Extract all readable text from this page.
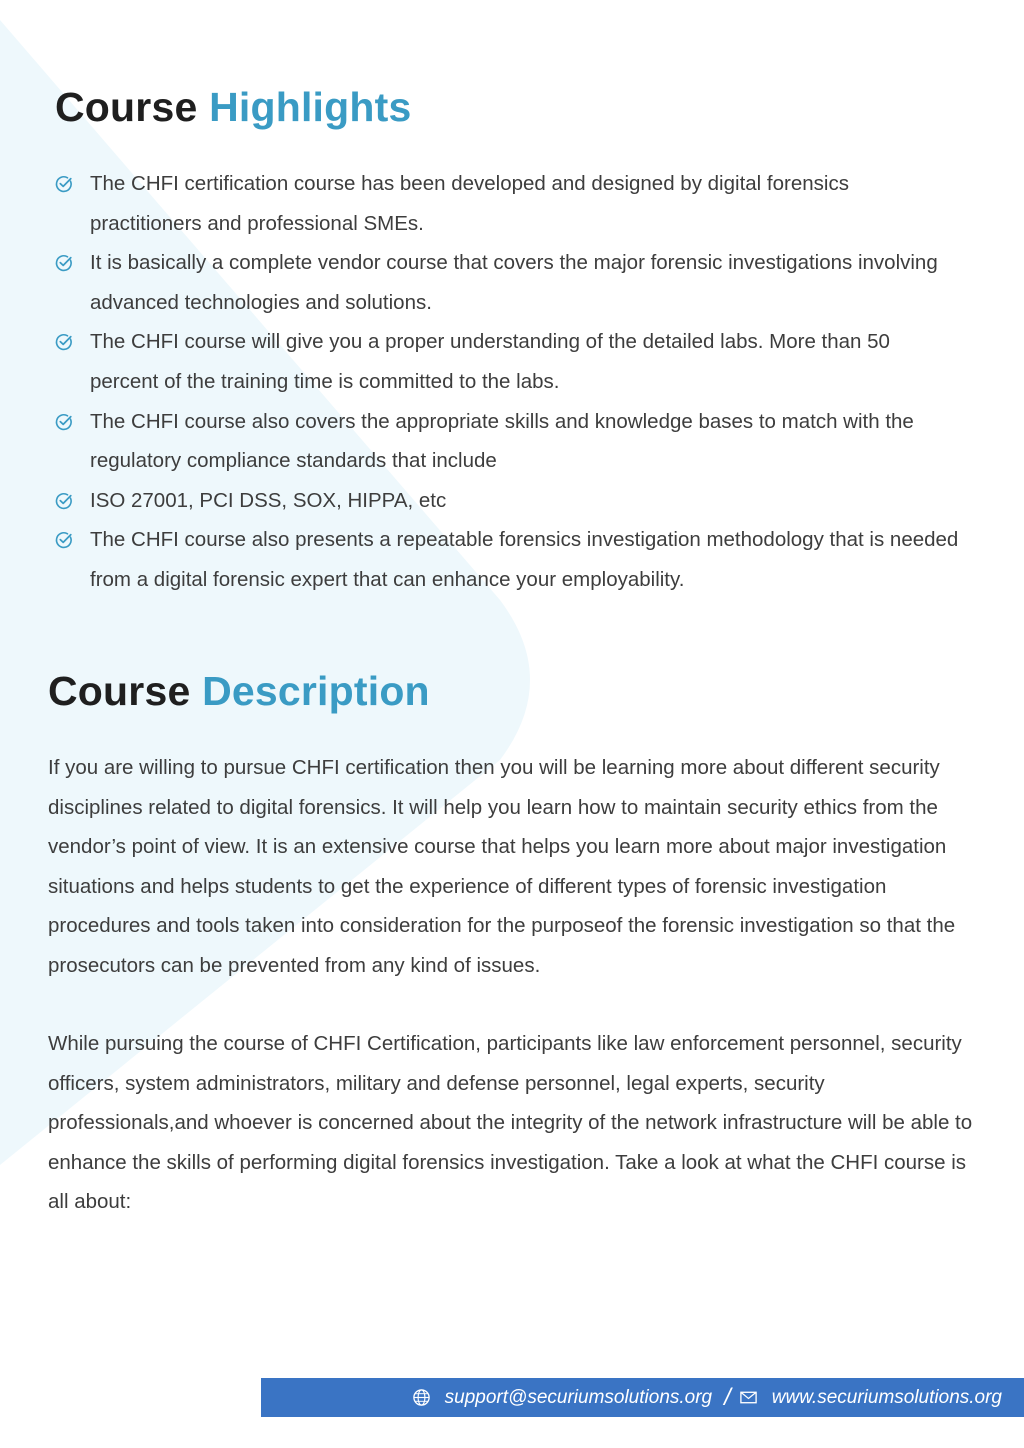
Course Highlights
The CHFI certification course has been developed and designed by digital forensics practitioners and professional SMEs.
It is basically a complete vendor course that covers the major forensic investigations involving advanced technologies and solutions.
The CHFI course will give you a proper understanding of the detailed labs. More than 50 percent of the training time is committed to the labs.
The CHFI course also covers the appropriate skills and knowledge bases to match with the regulatory compliance standards that include
ISO 27001, PCI DSS, SOX, HIPPA, etc
The CHFI course also presents a repeatable forensics investigation methodology that is needed from a digital forensic expert that can enhance your employability.
Course Description

If you are willing to pursue CHFI certification then you will be learning more about different security disciplines related to digital forensics. It will help you learn how to maintain security ethics from the vendor’s point of view. It is an extensive course that helps you learn more about major investigation situations and helps students to get the experience of different types of forensic investigation procedures and tools taken into consideration for the purposeof the forensic investigation so that the prosecutors can be prevented from any kind of issues.

While pursuing the course of CHFI Certification, participants like law enforcement personnel, security officers, system administrators, military and defense personnel, legal experts, security professionals,and whoever is concerned about the integrity of the network infrastructure will be able to enhance the skills of performing digital forensics investigation. Take a look at what the CHFI course is all about:

support@securiumsolutions.org / www.securiumsolutions.org
